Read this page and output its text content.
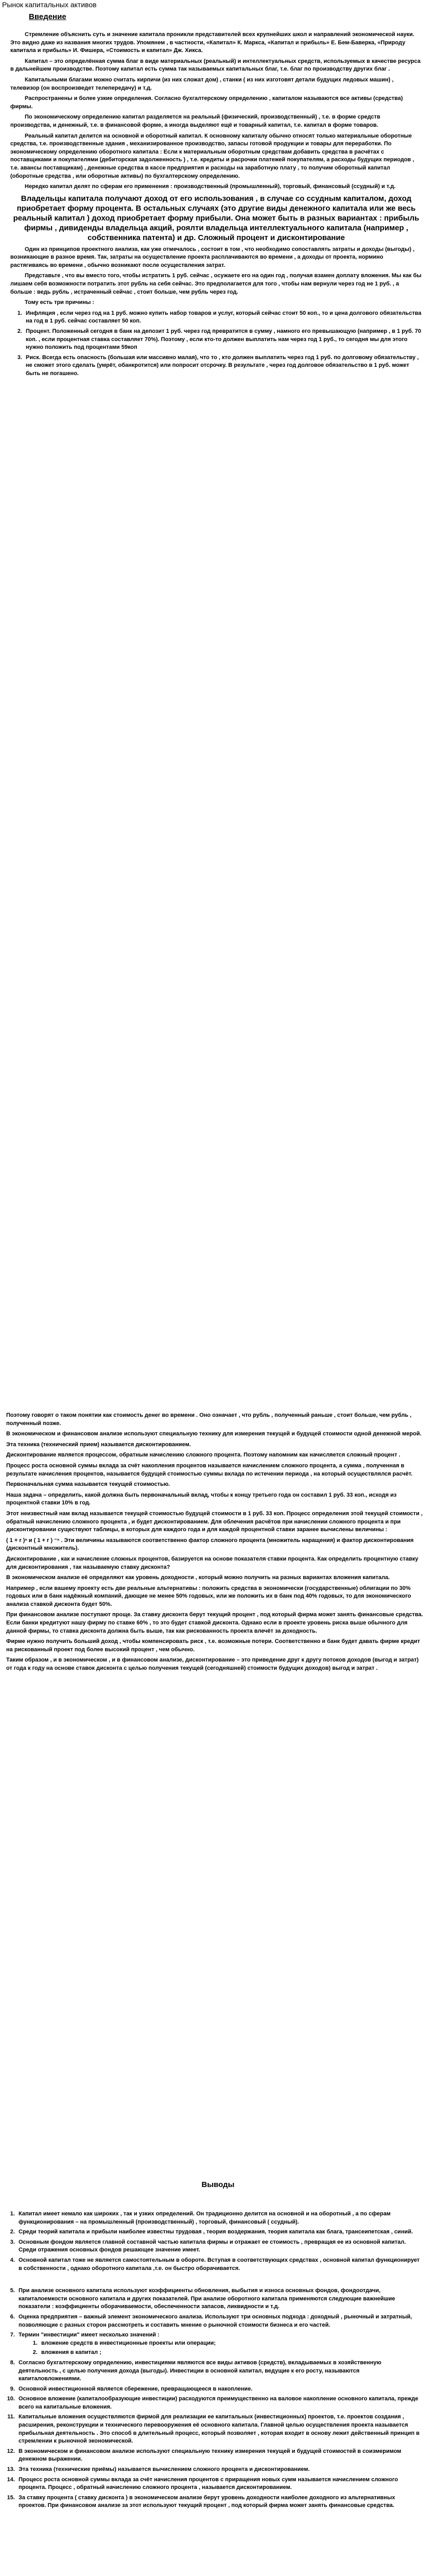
Рынок капитальных активов
Введение

Стремление объяснить суть и значение капитала проникли представителей всех крупнейших школ и направлений экономической науки. Это видно даже из названия многих трудов. Упомянем , в частности, «Капитал» К. Маркса, «Капитал и прибыль» Е. Бем-Баверка, «Природу капитала и прибыль» И. Фишера, «Стоимость и капитал» Дж. Хикса.

Капитал – это определённая сумма благ в виде материальных (реальный) и интеллектуальных средств, используемых в качестве ресурса в дальнейшем производстве. Поэтому капитал есть сумма так называемых капитальных благ, т.е. благ по производству других благ .

Капитальными благами можно считать кирпичи (из них сложат дом) , станки ( из них изготовят детали будущих ледовых машин) , телевизор (он воспроизведет телепередачу) и т.д.

Распространены и более узкие определения. Согласно бухгалтерскому определению , капиталом называются все активы (средства) фирмы.

По экономическому определению капитал разделяется на реальный (физический, производственный) , т.е. в форме средств производства, и денежный, т.е. в финансовой форме, а иногда выделяют ещё и товарный капитал, т.е. капитал в форме товаров.

Реальный капитал делится на основной и оборотный капитал. К основному капиталу обычно относят только материальные оборотные средства, т.е. производственные здания , механизированное производство, запасы готовой продукции и товары для переработки. По экономическому определению оборотного капитала : Если к материальным оборотным средствам добавить средства в расчётах с поставщиками и покупателями (дебиторская задолженность ) , т.е. кредиты и расрочки платежей покупателям, а расходы будущих периодов , т.е. авансы поставщикам) , денежные средства в кассе предприятия и расходы на заработную плату , то получим оборотный капитал (оборотные средства , или оборотные активы) по бухгалтерскому определению.

Нередко капитал делят по сферам его применения : производственный (промышленный), торговый, финансовый (ссудный) и т.д.

Владельцы капитала получают доход от его использования , в случае со ссудным капиталом, доход приобретает форму процента. В остальных случаях (это другие виды денежного капитала или же весь реальный капитал ) доход приобретает форму прибыли. Она может быть в разных вариантах : прибыль фирмы , дивиденды владельца акций, роялти владельца интеллектуального капитала (например , собственника патента) и др. Сложный процент и дисконтирование

Один из принципов проектного анализа, как уже отмечалось , состоит в том , что необходимо сопоставлять затраты и доходы (выгоды) , возникающие в разное время. Так, затраты на осуществление проекта расплачиваются во времени , а доходы от проекта, нормино растягиваясь во времени , обычно возникают после осуществления затрат.

Представьте , что вы вместо того, чтобы истратить 1 руб. сейчас , осужаете его на один год , получая взамен доплату вложения. Мы как бы лишаем себя возможности потратить этот рубль на себя сейчас. Это предполагается для того , чтобы нам вернули через год не 1 руб. , а больше : ведь рубль , истраченный сейчас , стоит больше, чем рубль через год.

Тому есть три причины :

1. Инфляция , если через год на 1 руб. можно купить набор товаров и услуг, который сейчас стоит 50 коп., то и цена долгового обязательства на год в 1 руб. сейчас составляет 50 коп.
2. Процент. Положенный сегодня в банк на депозит 1 руб. через год превратится в сумму , намного его превышающую (например , в 1 руб. 70 коп. , если процентная ставка составляет 70%). Поэтому , если кто-то должен выплатить нам через год 1 руб., то сегодня мы для этого нужно положить под процентами 59коп
3. Риск. Всегда есть опасность (большая или массивно малая), что то , кто должен выплатить через год 1 руб. по долговому обязательству , не сможет этого сделать (умрёт, обанкротится) или попросит отсрочку. В результате , через год долговое обязательство в 1 руб. может быть не погашено.

Поэтому говорят о таком понятии как стоимость денег во времени . Оно означает , что рубль , полученный раньше , стоит больше, чем рубль , полученный позже.

В экономическом и финансовом анализе используют специальную технику для измерения текущей и будущей стоимости одной денежной мерой.

Эта техника (технический прием) называется дисконтированием.

Дисконтирование является процессом, обратным начислению сложного процента. Поэтому напомним как начисляется сложный процент .

Процесс роста основной суммы вклада за счёт накопления процентов называется начислением сложного процента, а сумма , полученная в результате начисления процентов, называется будущей стоимостью суммы вклада по истечении периода , на который осуществлялся расчёт.

Первоначальная сумма называется текущей стоимостью.

Наша задача – определить, какой должна быть первоначальный вклад, чтобы к концу третьего года он составил 1 руб. 33 коп., исходя из процентной ставки 10% в год.

Этот неизвестный нам вклад называется текущей стоимостью будущей стоимости в 1 руб. 33 коп. Процесс определения этой текущей стоимости , обратный начислению сложного процента , и будет дисконтированием. Для облечения расчётов при начислении сложного процента и при дисконтировании существуют таблицы, в которых для каждого года и для каждой процентной ставки заранее вычислены величины :

( 1 + r )ⁿ и ( 1 + r ) ⁻ⁿ . Эти величины называются соответственно фактор сложного процента (множитель наращения) и фактор дисконтирования (дисконтный множитель).

Дисконтирование , как и начисление сложных процентов, базируется на основе показателя ставки процента. Как определить процентную ставку для дисконтирования , так называемую ставку дисконта?

В экономическом анализе её определяют как уровень доходности , который можно получить на разных вариантах вложения капитала.

Например , если вашему проекту есть две реальные альтернативы : положить средства в экономически (государственные) облигации по 30% годовых или в банк надёжный компаний, дающие не менее 50% годовых, или же положить их в банк под 40% годовых, то для экономического анализа ставкой дисконта будет 50%.

При финансовом анализе поступают проще. За ставку дисконта берут текущий процент , под который фирма может занять финансовые средства. Если банки кредитуют нашу фирму по ставке 60% , то это будет ставкой дисконта. Однако если в проекте уровень риска выше обычного для данной фирмы, то ставка дисконта должна быть выше, так как рискованность проекта влечёт за доходность.

Фирме нужно получить больший доход , чтобы компенсировать риск , т.е. возможные потери. Соответственно и банк будет давать фирме кредит на рискованный проект под более высокий процент , чем обычно.

Таким образом , и в экономическом , и в финансовом анализе, дисконтирование – это приведение друг к другу потоков доходов (выгод и затрат) от года к году на основе ставок дисконта с целью получения текущей (сегодняшней) стоимости будущих доходов) выгод и затрат .

Выводы
1. Капитал имеет немало как широких , так и узких определений. Он традиционно делится на основной и на оборотный , а по сферам функционирования – на промышленный (производственный) , торговый, финансовый ( ссудный).
2. Среди теорий капитала и прибыли наиболее известны трудовая , теория воздержания, теория капитала как блага, трансеипетская , синий.
3. Основным фондом является главной составной частью капитала фирмы и отражает ее стоимость , превращая ее из основной капитал. Среди отражения основных фондов решающее значение имеет.
4. Основной капитал тоже не является самостоятельным в обороте. Вступая в соответствующих средствах , основной капитал функционирует в собственности , однако оборотного капитала ,т.е. он быстро оборачивается.
5. При анализе основного капитала используют коэффициенты обновления, выбытия и износа основных фондов, фондоотдачи, капиталоемкости основного капитала и других показателей. При анализе оборотного капитала применяются следующие важнейшие показатели : коэффициенты оборачиваемости, обеспеченности запасов, ликвидности и т.д.
6. Оценка предприятия – важный элемент экономического анализа. Используют три основных подхода : доходный , рыночный и затратный, позволяющие с разных сторон рассмотреть и составить мнение о рыночной стоимости бизнеса и его частей.
7. Термин "инвестиции" имеет несколько значений :
1. вложение средств в инвестиционные проекты или операции;
2. вложения в капитал ;
8. Согласно бухгалтерскому определению, инвестициями являются все виды активов (средств), вкладываемых в хозяйственную деятельность , с целью получения дохода (выгоды). Инвестиции в основной капитал, ведущие к его росту, называются капиталовложениями.
9. Основной инвестиционной является сбережение, превращающееся в накопление.
10. Основное вложение (капиталообразующие инвестиции) расходуются преимущественно на валовое накопление основного капитала, прежде всего на капитальные вложения.
11. Капитальные вложения осуществляются фирмой для реализации ее капитальных (инвестиционных) проектов, т.е. проектов создания , расширения, реконструкции и технического перевооружения её основного капитала. Главной целью осуществления проекта называется прибыльная деятельность . Это способ в длительный процесс, который позволяет , которая входит в основу лежит действенный принцип в стремлении к рыночной экономической.
12. В экономическом и финансовом анализе используют специальную технику измерения текущей и будущей стоимостей в соизмеримом денежном выражении.
13. Эта техника (технические приёмы) называется вычислением сложного процента и дисконтированием.
14. Процесс роста основной суммы вклада за счёт начисления процентов с приращения новых сумм называется начислением сложного процента. Процесс , обратный начислению сложного процента , называется дисконтированием.
15. За ставку процента ( ставку дисконта ) в экономическом анализе берут уровень доходности наиболее доходного из альтернативных проектов. При финансовом анализе за этот используют текущий процент , под который фирма может занять финансовые средства.
